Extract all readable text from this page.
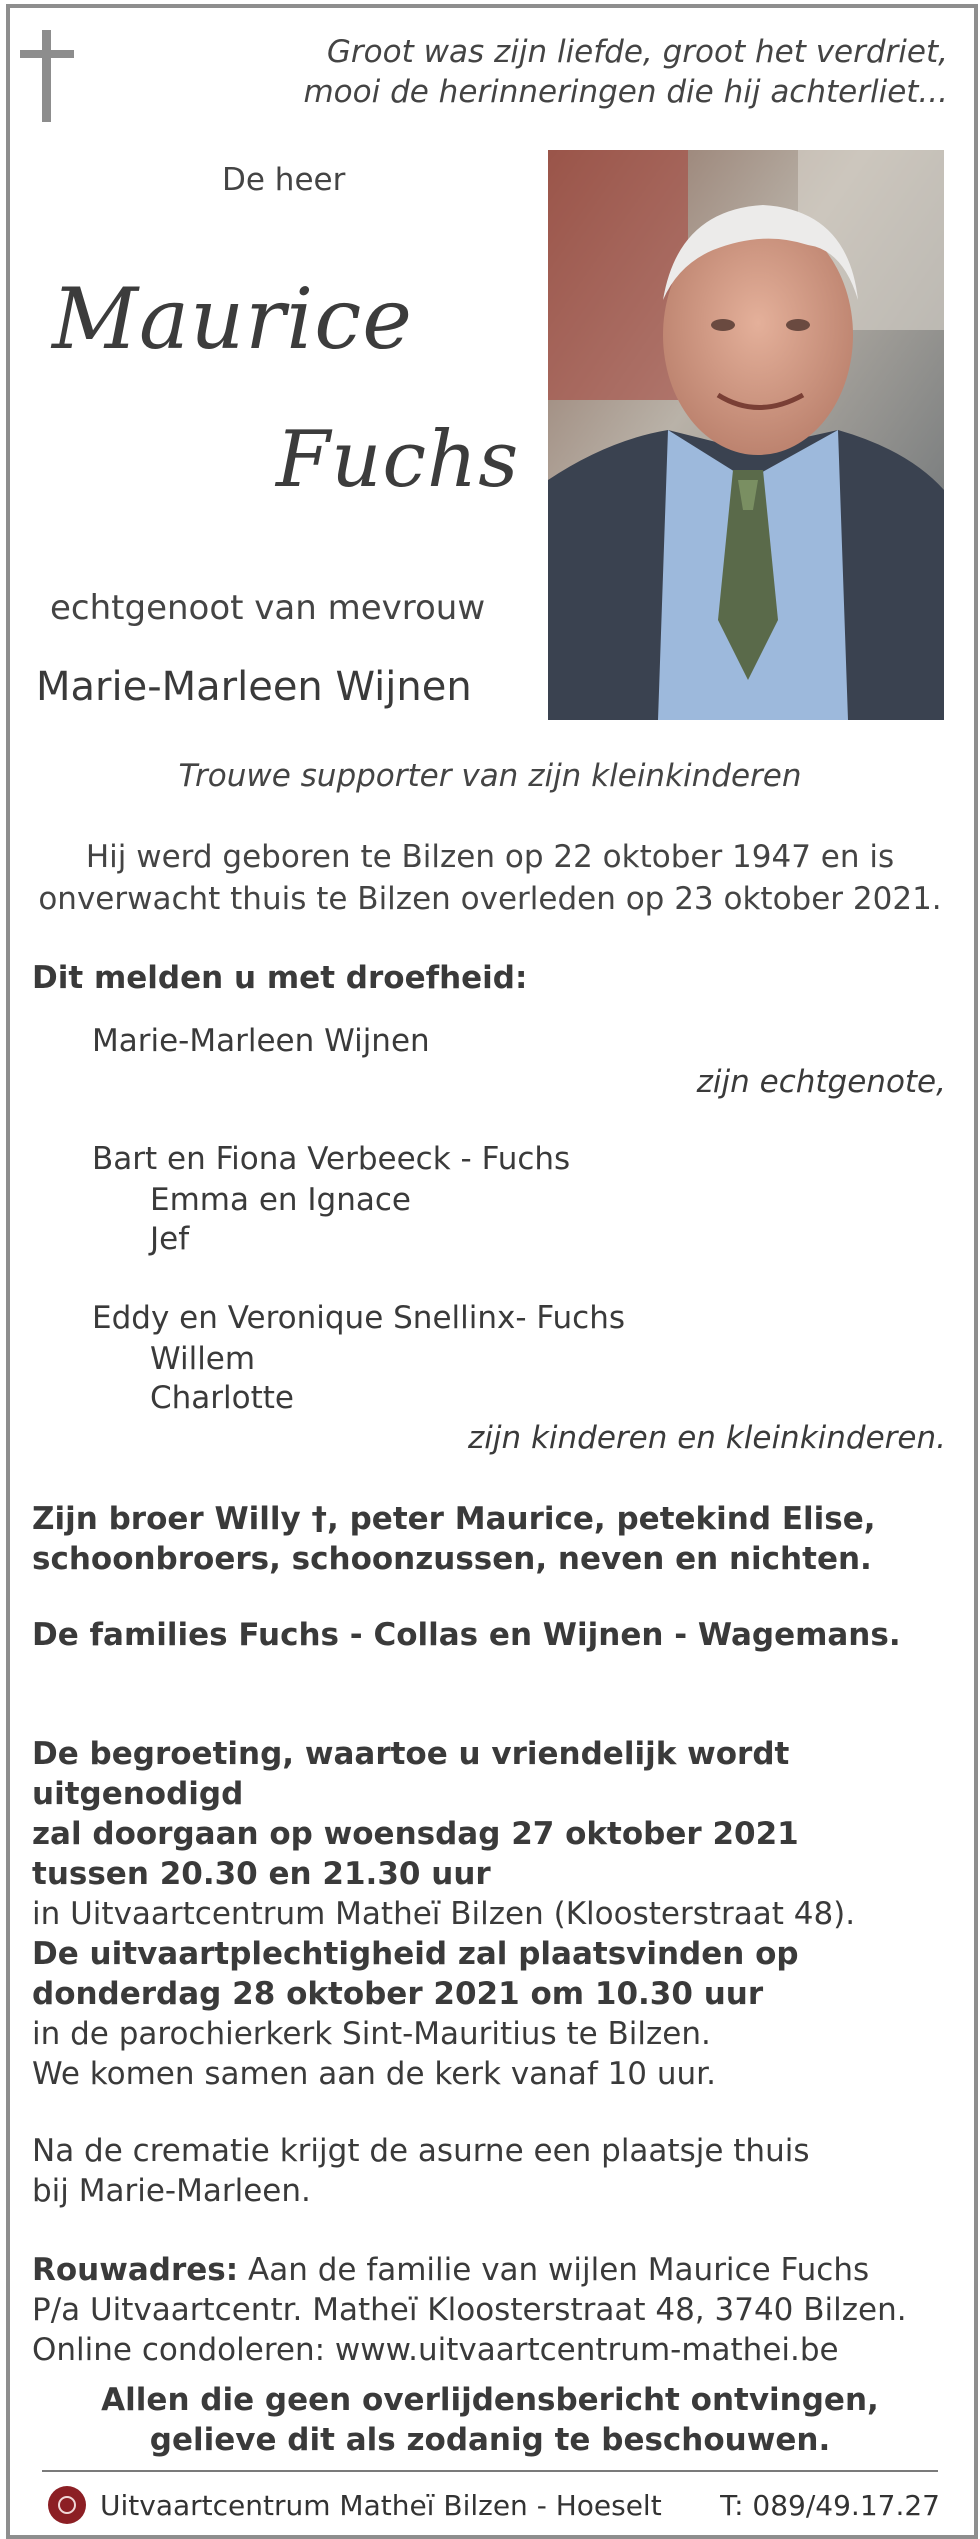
Groot was zijn liefde, groot het verdriet,
mooi de herinneringen die hij achterliet...
De heer
Maurice
Fuchs
echtgenoot van mevrouw
Marie-Marleen Wijnen
Trouwe supporter van zijn kleinkinderen
Hij werd geboren te Bilzen op 22 oktober 1947 en is
onverwacht thuis te Bilzen overleden op 23 oktober 2021.
Dit melden u met droefheid:
Marie-Marleen Wijnen
zijn echtgenote,
Bart en Fiona Verbeeck - Fuchs
Emma en Ignace
Jef
Eddy en Veronique Snellinx- Fuchs
Willem
Charlotte
zijn kinderen en kleinkinderen.
Zijn broer Willy †, peter Maurice, petekind Elise,
schoonbroers, schoonzussen, neven en nichten.
De families Fuchs - Collas en Wijnen - Wagemans.
De begroeting, waartoe u vriendelijk wordt uitgenodigd
zal doorgaan op woensdag 27 oktober 2021
tussen 20.30 en 21.30 uur
in Uitvaartcentrum Matheï Bilzen (Kloosterstraat 48).
De uitvaartplechtigheid zal plaatsvinden op
donderdag 28 oktober 2021 om 10.30 uur
in de parochierkerk Sint-Mauritius te Bilzen.
We komen samen aan de kerk vanaf 10 uur.
Na de crematie krijgt de asurne een plaatsje thuis
bij Marie-Marleen.
Rouwadres: Aan de familie van wijlen Maurice Fuchs
P/a Uitvaartcentr. Matheï Kloosterstraat 48, 3740 Bilzen.
Online condoleren: www.uitvaartcentrum-mathei.be
Allen die geen overlijdensbericht ontvingen,
gelieve dit als zodanig te beschouwen.
Uitvaartcentrum Matheï Bilzen - Hoeselt T: 089/49.17.27
